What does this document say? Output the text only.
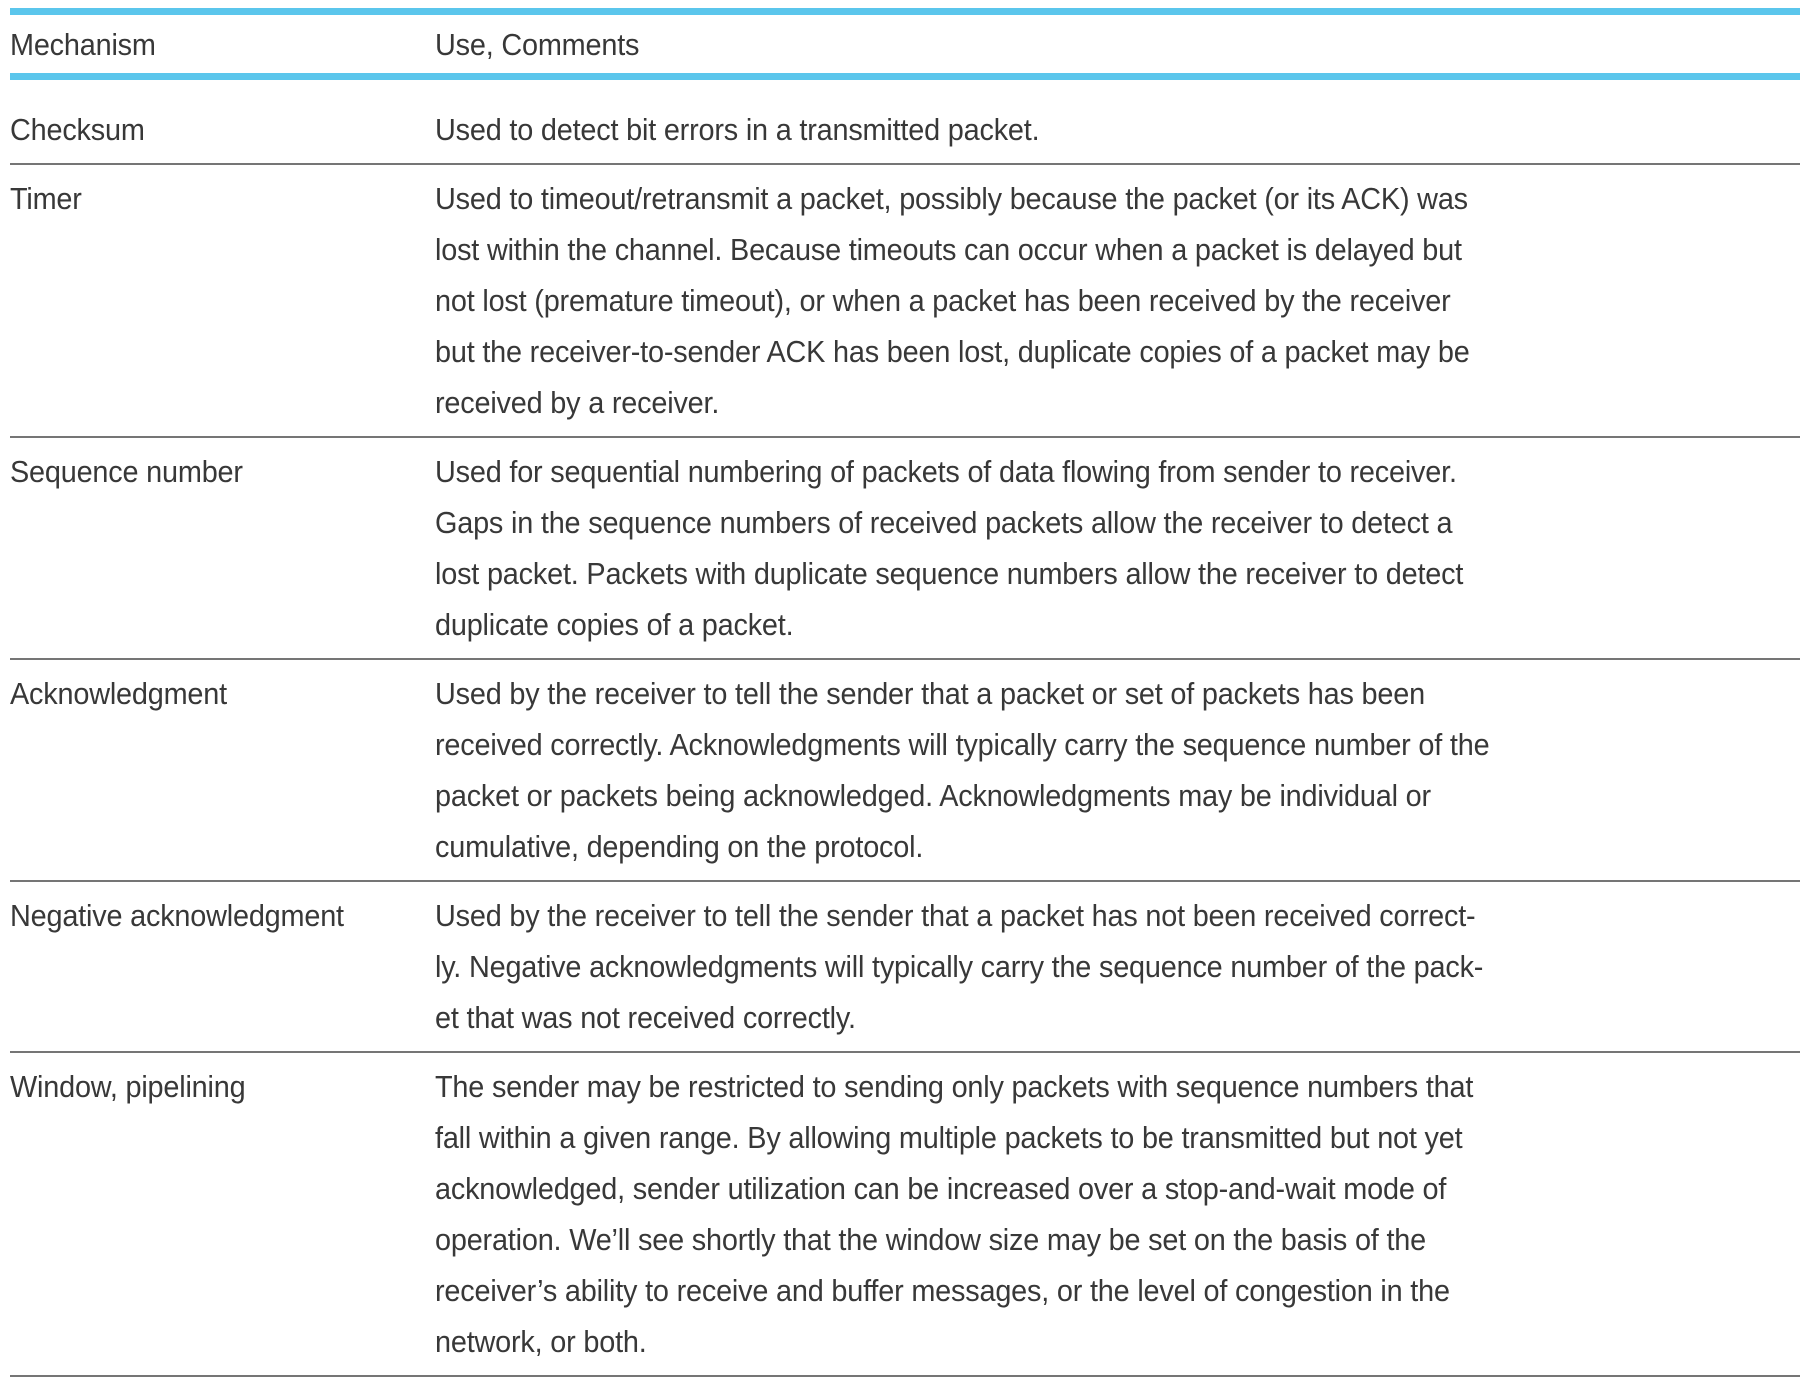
Mechanism	Use, Comments
Checksum	Used to detect bit errors in a transmitted packet.
Timer	Used to timeout/retransmit a packet, possibly because the packet (or its ACK) was
lost within the channel. Because timeouts can occur when a packet is delayed but
not lost (premature timeout), or when a packet has been received by the receiver
but the receiver-to-sender ACK has been lost, duplicate copies of a packet may be
received by a receiver.
Sequence number	Used for sequential numbering of packets of data flowing from sender to receiver.
Gaps in the sequence numbers of received packets allow the receiver to detect a
lost packet. Packets with duplicate sequence numbers allow the receiver to detect
duplicate copies of a packet.
Acknowledgment	Used by the receiver to tell the sender that a packet or set of packets has been
received correctly. Acknowledgments will typically carry the sequence number of the
packet or packets being acknowledged. Acknowledgments may be individual or
cumulative, depending on the protocol.
Negative acknowledgment	Used by the receiver to tell the sender that a packet has not been received correct-
ly. Negative acknowledgments will typically carry the sequence number of the pack-
et that was not received correctly.
Window, pipelining	The sender may be restricted to sending only packets with sequence numbers that
fall within a given range. By allowing multiple packets to be transmitted but not yet
acknowledged, sender utilization can be increased over a stop-and-wait mode of
operation. We’ll see shortly that the window size may be set on the basis of the
receiver’s ability to receive and buffer messages, or the level of congestion in the
network, or both.
